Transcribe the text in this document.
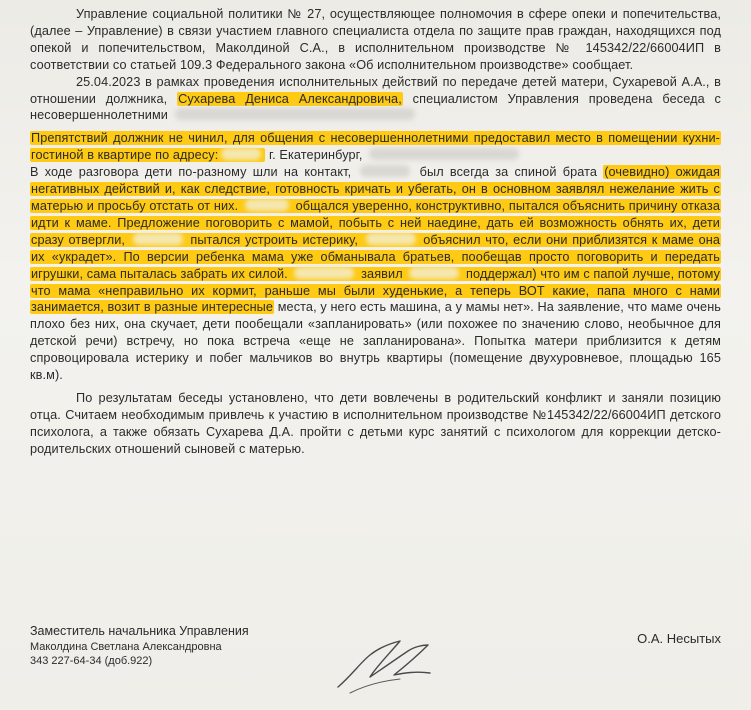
Управление социальной политики № 27, осуществляющее полномочия в сфере опеки и попечительства, (далее – Управление) в связи участием главного специалиста отдела по защите прав граждан, находящихся под опекой и попечительством, Маколдиной С.А., в исполнительном производстве № 145342/22/66004ИП в соответствии со статьей 109.3 Федерального закона «Об исполнительном производстве» сообщает.

25.04.2023 в рамках проведения исполнительных действий по передаче детей матери, Сухаревой А.А., в отношении должника, Сухарева Дениса Александровича, специалистом Управления проведена беседа с несовершеннолетними

Препятствий должник не чинил, для общения с несовершеннолетними предоставил место в помещении кухни-гостиной в квартире по адресу:	г. Екатеринбург,

В ходе разговора дети по-разному шли на контакт,	был всегда за спиной брата (очевидно) ожидая негативных действий и, как следствие, готовность кричать и убегать, он в основном заявлял нежелание жить с матерью и просьбу отстать от них.	общался уверенно, конструктивно, пытался объяснить причину отказа идти к маме. Предложение поговорить с мамой, побыть с ней наедине, дать ей возможность обнять их, дети сразу отвергли,	пытался устроить истерику,	объяснил что, если они приблизятся к маме она их «украдет». По версии ребенка мама уже обманывала братьев, пообещав просто поговорить и передать игрушки, сама пыталась забрать их силой.	заявил	поддержал) что им с папой лучше, потому что мама «неправильно их кормит, раньше мы были худенькие, а теперь ВОТ какие, папа много с нами занимается, возит в разные интересные места, у него есть машина, а у мамы нет». На заявление, что маме очень плохо без них, она скучает, дети пообещали «запланировать» (или похожее по значению слово, необычное для детской речи) встречу, но пока встреча «еще не запланирована». Попытка матери приблизится к детям спровоцировала истерику и побег мальчиков во внутрь квартиры (помещение двухуровневое, площадью 165 кв.м).

По результатам беседы установлено, что дети вовлечены в родительский конфликт и заняли позицию отца. Считаем необходимым привлечь к участию в исполнительном производстве №145342/22/66004ИП детского психолога, а также обязать Сухарева Д.А. пройти с детьми курс занятий с психологом для коррекции детско-родительских отношений сыновей с матерью.

Заместитель начальника Управления
Маколдина Светлана Александровна
343 227-64-34 (доб.922)
О.А. Несытых
